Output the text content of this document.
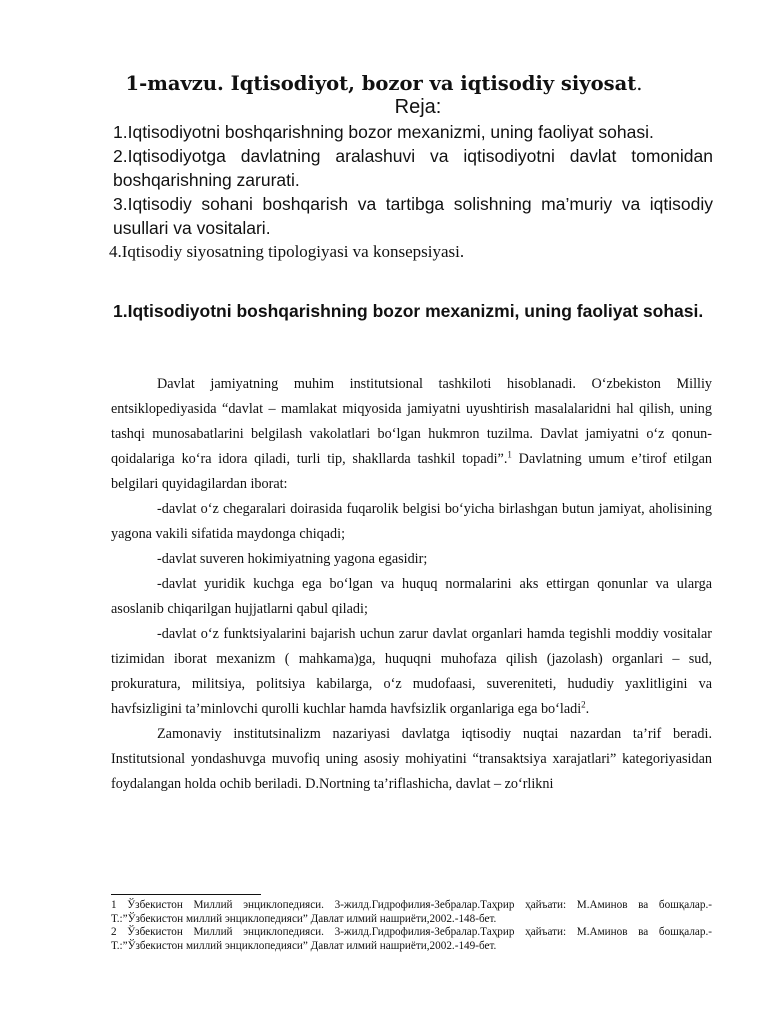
1-mavzu. Iqtisodiyot, bozor va iqtisodiy siyosat.
Reja:
1.Iqtisodiyotni boshqarishning bozor mexanizmi, uning faoliyat sohasi.
2.Iqtisodiyotga davlatning aralashuvi va iqtisodiyotni davlat tomonidan boshqarishning zarurati.
3.Iqtisodiy sohani boshqarish va tartibga solishning ma’muriy va iqtisodiy usullari va vositalari.
4.Iqtisodiy siyosatning tipologiyasi va konsepsiyasi.
1.Iqtisodiyotni boshqarishning bozor mexanizmi, uning faoliyat sohasi.

Davlat jamiyatning muhim institutsional tashkiloti hisoblanadi. O‘zbekiston Milliy entsiklopediyasida “davlat – mamlakat miqyosida jamiyatni uyushtirish masalalaridni hal qilish, uning tashqi munosabatlarini belgilash vakolatlari bo‘lgan hukmron tuzilma. Davlat jamiyatni o‘z qonun-qoidalariga ko‘ra idora qiladi, turli tip, shakllarda tashkil topadi”.$^1$ Davlatning umum e’tirof etilgan belgilari quyidagilardan iborat:

-davlat o‘z chegaralari doirasida fuqarolik belgisi bo‘yicha birlashgan butun jamiyat, aholisining yagona vakili sifatida maydonga chiqadi;

-davlat suveren hokimiyatning yagona egasidir;

-davlat yuridik kuchga ega bo‘lgan va huquq normalarini aks ettirgan qonunlar va ularga asoslanib chiqarilgan hujjatlarni qabul qiladi;

-davlat o‘z funktsiyalarini bajarish uchun zarur davlat organlari hamda tegishli moddiy vositalar tizimidan iborat mexanizm ( mahkama)ga, huquqni muhofaza qilish (jazolash) organlari – sud, prokuratura, militsiya, politsiya kabilarga, o‘z mudofaasi, suvereniteti, hududiy yaxlitligini va havfsizligini ta’minlovchi qurolli kuchlar hamda havfsizlik organlariga ega bo‘ladi$^2$.

Zamonaviy institutsinalizm nazariyasi davlatga iqtisodiy nuqtai nazardan ta’rif beradi. Institutsional yondashuvga muvofiq uning asosiy mohiyatini “transaktsiya xarajatlari” kategoriyasidan foydalangan holda ochib beriladi. D.Nortning ta’riflashicha, davlat – zo‘rlikni

1 Ўзбекистон Миллий энциклопедияси. 3-жилд.Гидрофилия-Зебралар.Таҳрир ҳайъати: М.Аминов ва бошқалар.-Т.:”Ўзбекистон миллий энциклопедияси” Давлат илмий нашриёти,2002.-148-бет.

2 Ўзбекистон Миллий энциклопедияси. 3-жилд.Гидрофилия-Зебралар.Таҳрир ҳайъати: М.Аминов ва бошқалар.-Т.:”Ўзбекистон миллий энциклопедияси” Давлат илмий нашриёти,2002.-149-бет.
